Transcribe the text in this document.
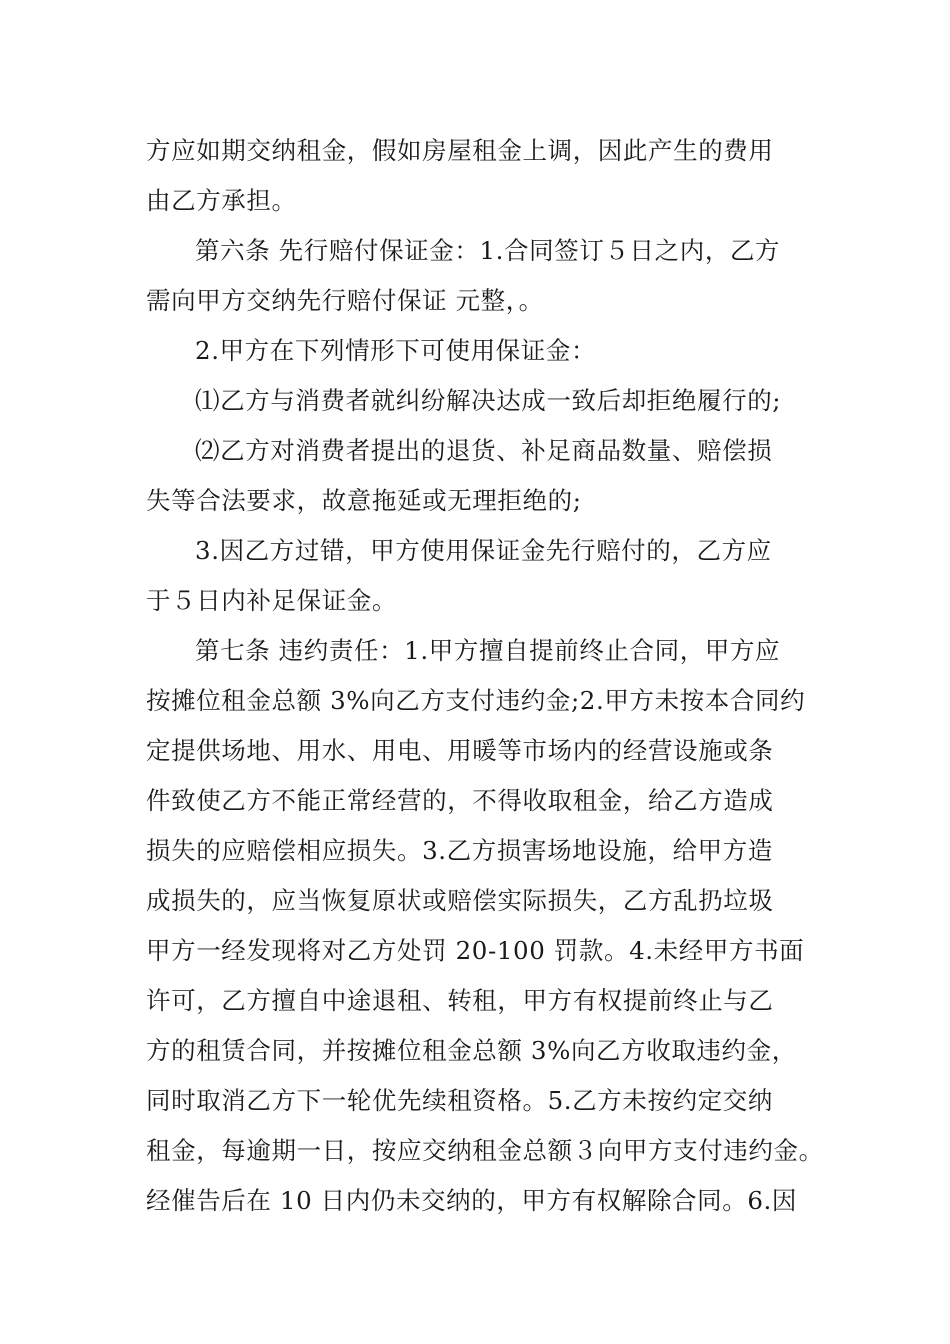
方应如期交纳租金，假如房屋租金上调，因此产生的费用
由乙方承担。
第六条 先行赔付保证金：1.合同签订５日之内，乙方
需向甲方交纳先行赔付保证 元整，。
2.甲方在下列情形下可使用保证金：
⑴乙方与消费者就纠纷解决达成一致后却拒绝履行的;
⑵乙方对消费者提出的退货、补足商品数量、赔偿损
失等合法要求，故意拖延或无理拒绝的;
3.因乙方过错，甲方使用保证金先行赔付的，乙方应
于５日内补足保证金。
第七条 违约责任：1.甲方擅自提前终止合同，甲方应
按摊位租金总额 3%向乙方支付违约金;2.甲方未按本合同约
定提供场地、用水、用电、用暖等市场内的经营设施或条
件致使乙方不能正常经营的，不得收取租金，给乙方造成
损失的应赔偿相应损失。3.乙方损害场地设施，给甲方造
成损失的，应当恢复原状或赔偿实际损失，乙方乱扔垃圾
甲方一经发现将对乙方处罚 20-100 罚款。4.未经甲方书面
许可，乙方擅自中途退租、转租，甲方有权提前终止与乙
方的租赁合同，并按摊位租金总额 3%向乙方收取违约金，
同时取消乙方下一轮优先续租资格。5.乙方未按约定交纳
租金，每逾期一日，按应交纳租金总额３向甲方支付违约金。
经催告后在 10 日内仍未交纳的，甲方有权解除合同。6.因
